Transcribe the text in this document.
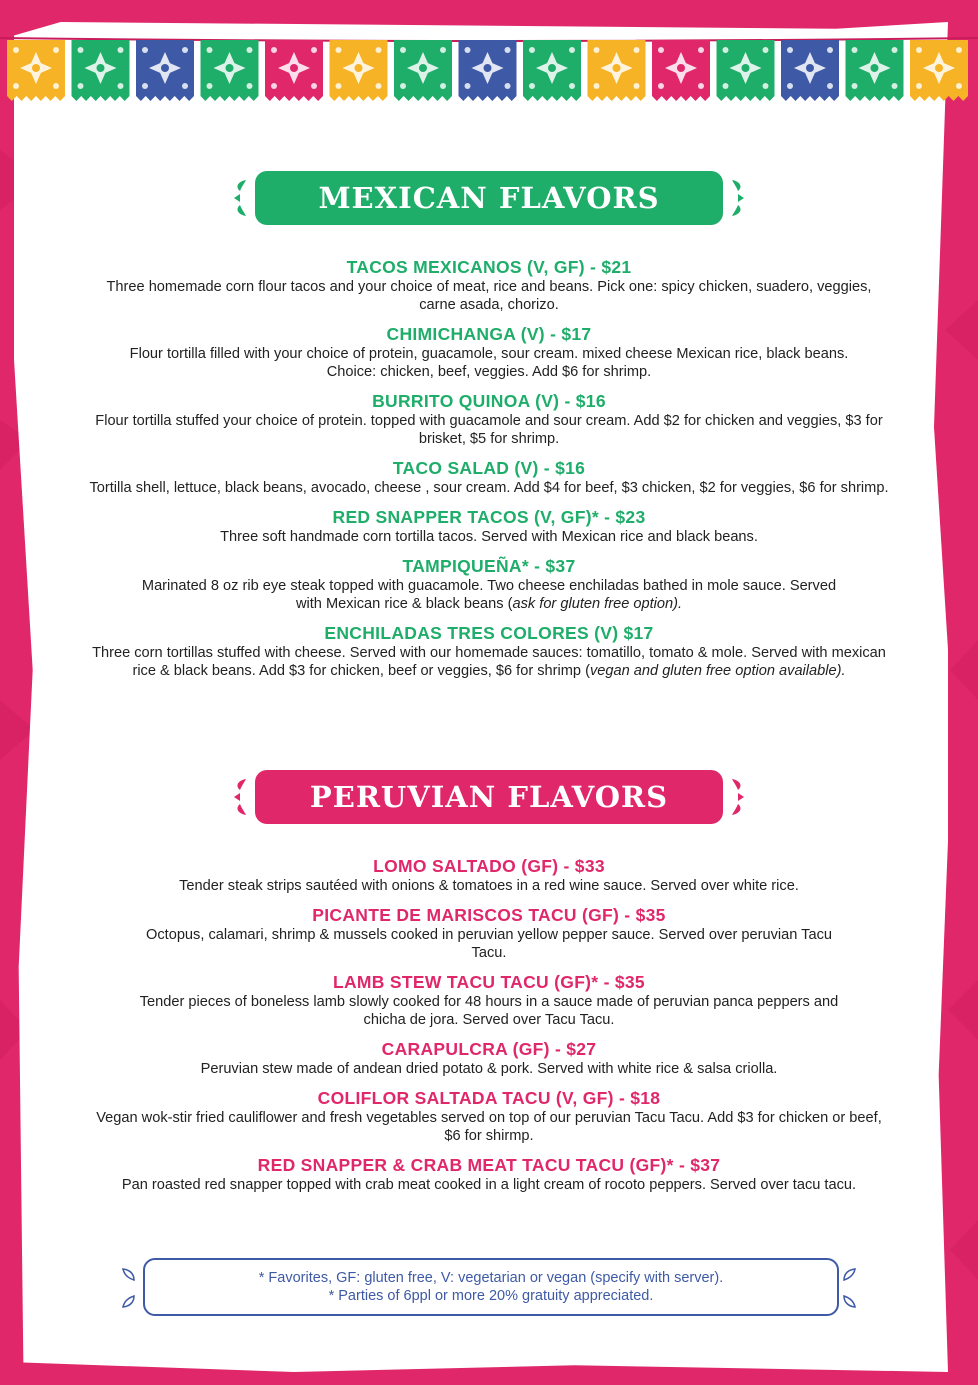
MEXICAN FLAVORS
TACOS MEXICANOS (V, GF) - $21

Three homemade corn flour tacos and your choice of meat, rice and beans. Pick one: spicy chicken, suadero, veggies, carne asada, chorizo.

CHIMICHANGA (V) - $17

Flour tortilla filled with your choice of protein, guacamole, sour cream. mixed cheese Mexican rice, black beans. Choice: chicken, beef, veggies. Add $6 for shrimp.

BURRITO QUINOA (V) - $16

Flour tortilla stuffed your choice of protein. topped with guacamole and sour cream. Add $2 for chicken and veggies, $3 for brisket, $5 for shrimp.

TACO SALAD (V) - $16

Tortilla shell, lettuce, black beans, avocado, cheese , sour cream. Add $4 for beef, $3 chicken, $2 for veggies, $6 for shrimp.

RED SNAPPER TACOS (V, GF)* - $23

Three soft handmade corn tortilla tacos. Served with Mexican rice and black beans.

TAMPIQUEÑA* - $37

Marinated 8 oz rib eye steak topped with guacamole. Two cheese enchiladas bathed in mole sauce. Served with Mexican rice & black beans (ask for gluten free option).

ENCHILADAS TRES COLORES (V) $17

Three corn tortillas stuffed with cheese. Served with our homemade sauces: tomatillo, tomato & mole. Served with mexican rice & black beans. Add $3 for chicken, beef or veggies, $6 for shrimp (vegan and gluten free option available).

PERUVIAN FLAVORS
LOMO SALTADO (GF) - $33

Tender steak strips sautéed with onions & tomatoes in a red wine sauce. Served over white rice.

PICANTE DE MARISCOS TACU (GF) - $35

Octopus, calamari, shrimp & mussels cooked in peruvian yellow pepper sauce. Served over peruvian Tacu Tacu.

LAMB STEW TACU TACU (GF)* - $35

Tender pieces of boneless lamb slowly cooked for 48 hours in a sauce made of peruvian panca peppers and chicha de jora. Served over Tacu Tacu.

CARAPULCRA (GF) - $27

Peruvian stew made of andean dried potato & pork. Served with white rice & salsa criolla.

COLIFLOR SALTADA TACU (V, GF) - $18

Vegan wok-stir fried cauliflower and fresh vegetables served on top of our peruvian Tacu Tacu. Add $3 for chicken or beef, $6 for shirmp.

RED SNAPPER & CRAB MEAT TACU TACU (GF)* - $37

Pan roasted red snapper topped with crab meat cooked in a light cream of rocoto peppers. Served over tacu tacu.

* Favorites, GF: gluten free, V: vegetarian or vegan (specify with server).
* Parties of 6ppl or more 20% gratuity appreciated.
